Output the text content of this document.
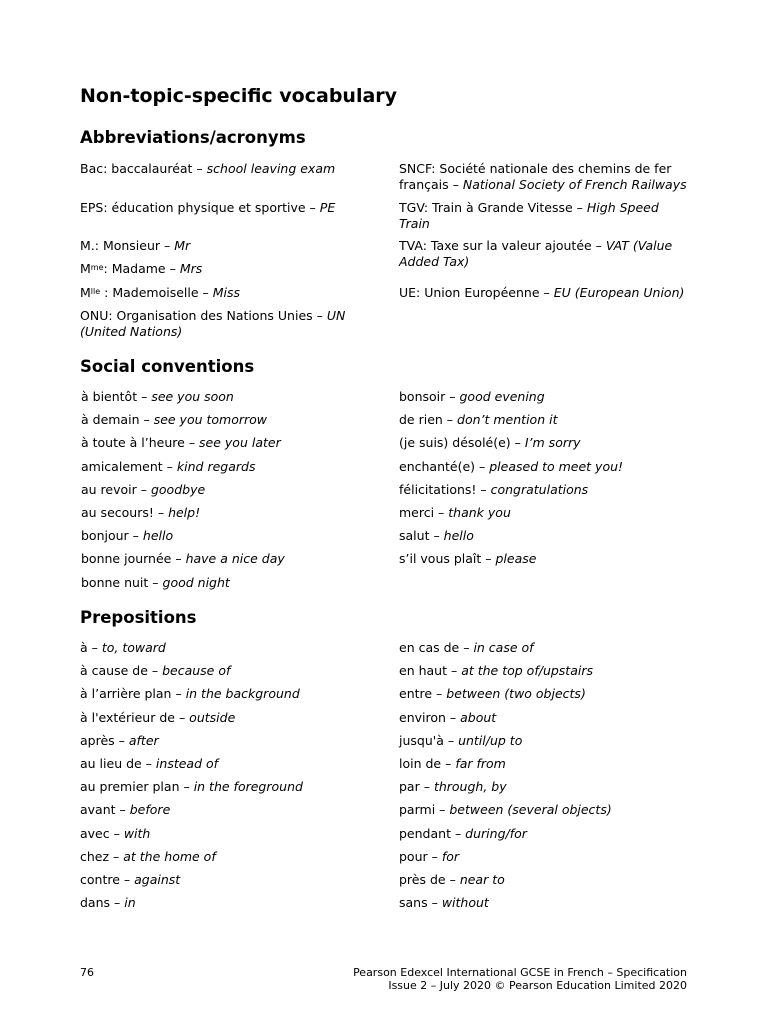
Non-topic-specific vocabulary
Abbreviations/acronyms
Bac: baccalauréat – school leaving exam
EPS: éducation physique et sportive – PE
M.: Monsieur – Mr
$M^{me}$: Madame – Mrs
$M^{lle}$ : Mademoiselle – Miss
ONU: Organisation des Nations Unies – UN
(United Nations)
SNCF: Société nationale des chemins de fer
français – National Society of French Railways
TGV: Train à Grande Vitesse – High Speed
Train
TVA: Taxe sur la valeur ajoutée – VAT (Value
Added Tax)
UE: Union Européenne – EU (European Union)
Social conventions
à bientôt – see you soon
à demain – see you tomorrow
à toute à l’heure – see you later
amicalement – kind regards
au revoir – goodbye
au secours! – help!
bonjour – hello
bonne journée – have a nice day
bonne nuit – good night
bonsoir – good evening
de rien – don’t mention it
(je suis) désolé(e) – I’m sorry
enchanté(e) – pleased to meet you!
félicitations! – congratulations
merci – thank you
salut – hello
s’il vous plaît – please
Prepositions
à – to, toward
à cause de – because of
à l’arrière plan – in the background
à l'extérieur de – outside
après – after
au lieu de – instead of
au premier plan – in the foreground
avant – before
avec – with
chez – at the home of
contre – against
dans – in
en cas de – in case of
en haut – at the top of/upstairs
entre – between (two objects)
environ – about
jusqu'à – until/up to
loin de – far from
par – through, by
parmi – between (several objects)
pendant – during/for
pour – for
près de – near to
sans – without
76	Pearson Edexcel International GCSE in French – Specification
Issue 2 – July 2020 © Pearson Education Limited 2020
